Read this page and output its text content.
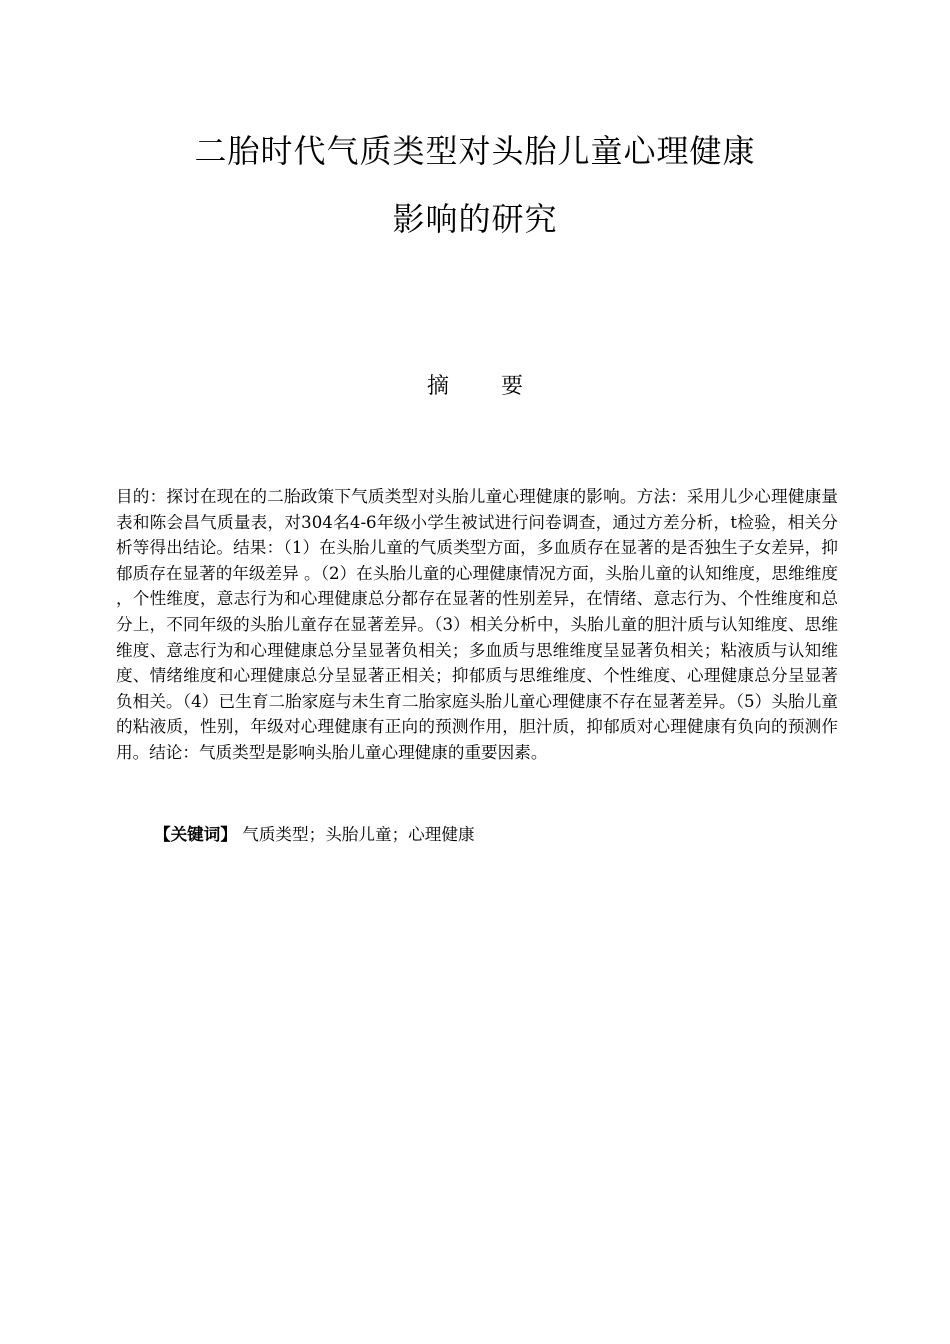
二胎时代气质类型对头胎儿童心理健康
影响的研究
摘 要
目的：探讨在现在的二胎政策下气质类型对头胎儿童心理健康的影响。方法：采用儿少心理健康量表和陈会昌气质量表，对304名4-6年级小学生被试进行问卷调查，通过方差分析，t检验，相关分析等得出结论。结果：（1）在头胎儿童的气质类型方面，多血质存在显著的是否独生子女差异，抑郁质存在显著的年级差异 。（2）在头胎儿童的心理健康情况方面，头胎儿童的认知维度，思维维度，个性维度，意志行为和心理健康总分都存在显著的性别差异，在情绪、意志行为、个性维度和总分上，不同年级的头胎儿童存在显著差异。（3）相关分析中，头胎儿童的胆汁质与认知维度、思维维度、意志行为和心理健康总分呈显著负相关；多血质与思维维度呈显著负相关；粘液质与认知维度、情绪维度和心理健康总分呈显著正相关；抑郁质与思维维度、个性维度、心理健康总分呈显著负相关。（4）已生育二胎家庭与未生育二胎家庭头胎儿童心理健康不存在显著差异。（5）头胎儿童的粘液质，性别，年级对心理健康有正向的预测作用，胆汁质，抑郁质对心理健康有负向的预测作用。结论：气质类型是影响头胎儿童心理健康的重要因素。
【关键词】 气质类型；头胎儿童；心理健康
